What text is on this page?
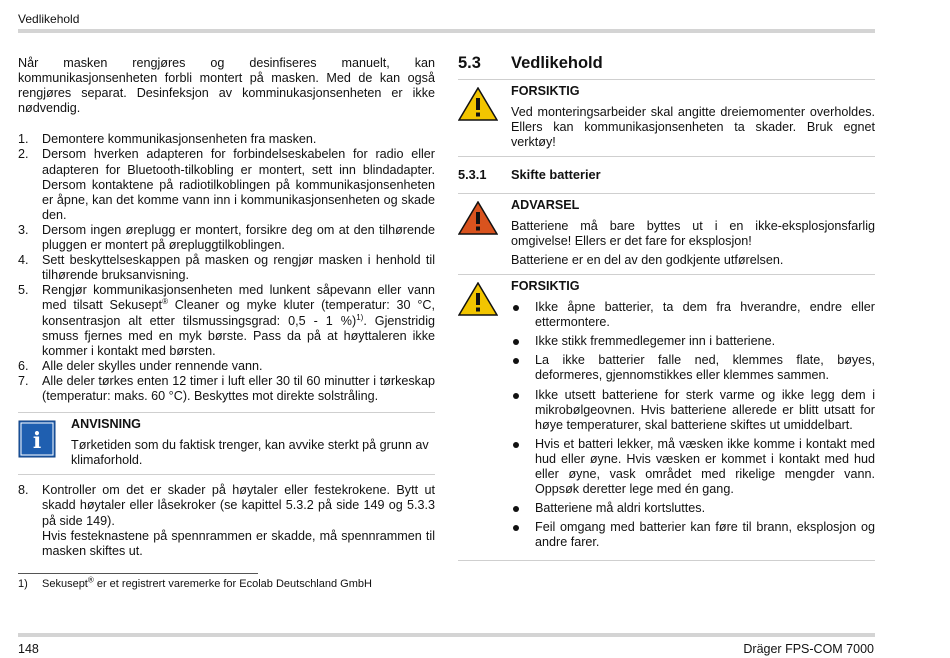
Vedlikehold

Når masken rengjøres og desinfiseres manuelt, kan kommunikasjonsenheten forbli montert på masken. Med de kan også rengjøres separat. Desinfeksjon av komminukasjonsenheten er ikke nødvendig.

1. Demontere kommunikasjonsenheten fra masken.
2. Dersom hverken adapteren for forbindelseskabelen for radio eller adapteren for Bluetooth-tilkobling er montert, sett inn blindadapter. Dersom kontaktene på radiotilkoblingen på kommunikasjonsenheten er åpne, kan det komme vann inn i kommunikasjonsenheten og skade den.
3. Dersom ingen øreplugg er montert, forsikre deg om at den tilhørende pluggen er montert på ørepluggtilkoblingen.
4. Sett beskyttelseskappen på masken og rengjør masken i henhold til tilhørende bruksanvisning.
5. Rengjør kommunikasjonsenheten med lunkent såpevann eller vann med tilsatt Sekusept® Cleaner og myke kluter (temperatur: 30 °C, konsentrasjon alt etter tilsmussingsgrad: 0,5 - 1 %)$^{1)}$. Gjenstridig smuss fjernes med en myk børste. Pass da på at høyttaleren ikke kommer i kontakt med børsten.
6. Alle deler skylles under rennende vann.
7. Alle deler tørkes enten 12 timer i luft eller 30 til 60 minutter i tørkeskap (temperatur: maks. 60 °C). Beskyttes mot direkte solstråling.
i
ANVISNING

Tørketiden som du faktisk trenger, kan avvike sterkt på grunn av klimaforhold.

8. Kontroller om det er skader på høytaler eller festekrokene. Bytt ut skadd høytaler eller låsekroker (se kapittel 5.3.2 på side 149 og 5.3.3 på side 149).
Hvis festeknastene på spennrammen er skadde, må spennrammen til masken skiftes ut.
1)	Sekusept® er et registrert varemerke for Ecolab Deutschland GmbH
5.3	Vedlikehold
FORSIKTIG

Ved monteringsarbeider skal angitte dreiemomenter overholdes. Ellers kan kommunikasjonsenheten ta skader. Bruk egnet verktøy!

5.3.1	Skifte batterier
ADVARSEL

Batteriene må bare byttes ut i en ikke-eksplosjonsfarlig omgivelse! Ellers er det fare for eksplosjon!

Batteriene er en del av den godkjente utførelsen.

FORSIKTIG
Ikke åpne batterier, ta dem fra hverandre, endre eller ettermontere.
Ikke stikk fremmedlegemer inn i batteriene.
La ikke batterier falle ned, klemmes flate, bøyes, deformeres, gjennomstikkes eller klemmes sammen.
Ikke utsett batteriene for sterk varme og ikke legg dem i mikrobølgeovnen. Hvis batteriene allerede er blitt utsatt for høye temperaturer, skal batteriene skiftes ut umiddelbart.
Hvis et batteri lekker, må væsken ikke komme i kontakt med hud eller øyne. Hvis væsken er kommet i kontakt med hud eller øyne, vask området med rikelige mengder vann. Oppsøk deretter lege med én gang.
Batteriene må aldri kortsluttes.
Feil omgang med batterier kan føre til brann, eksplosjon og andre farer.
148	Dräger FPS-COM 7000
